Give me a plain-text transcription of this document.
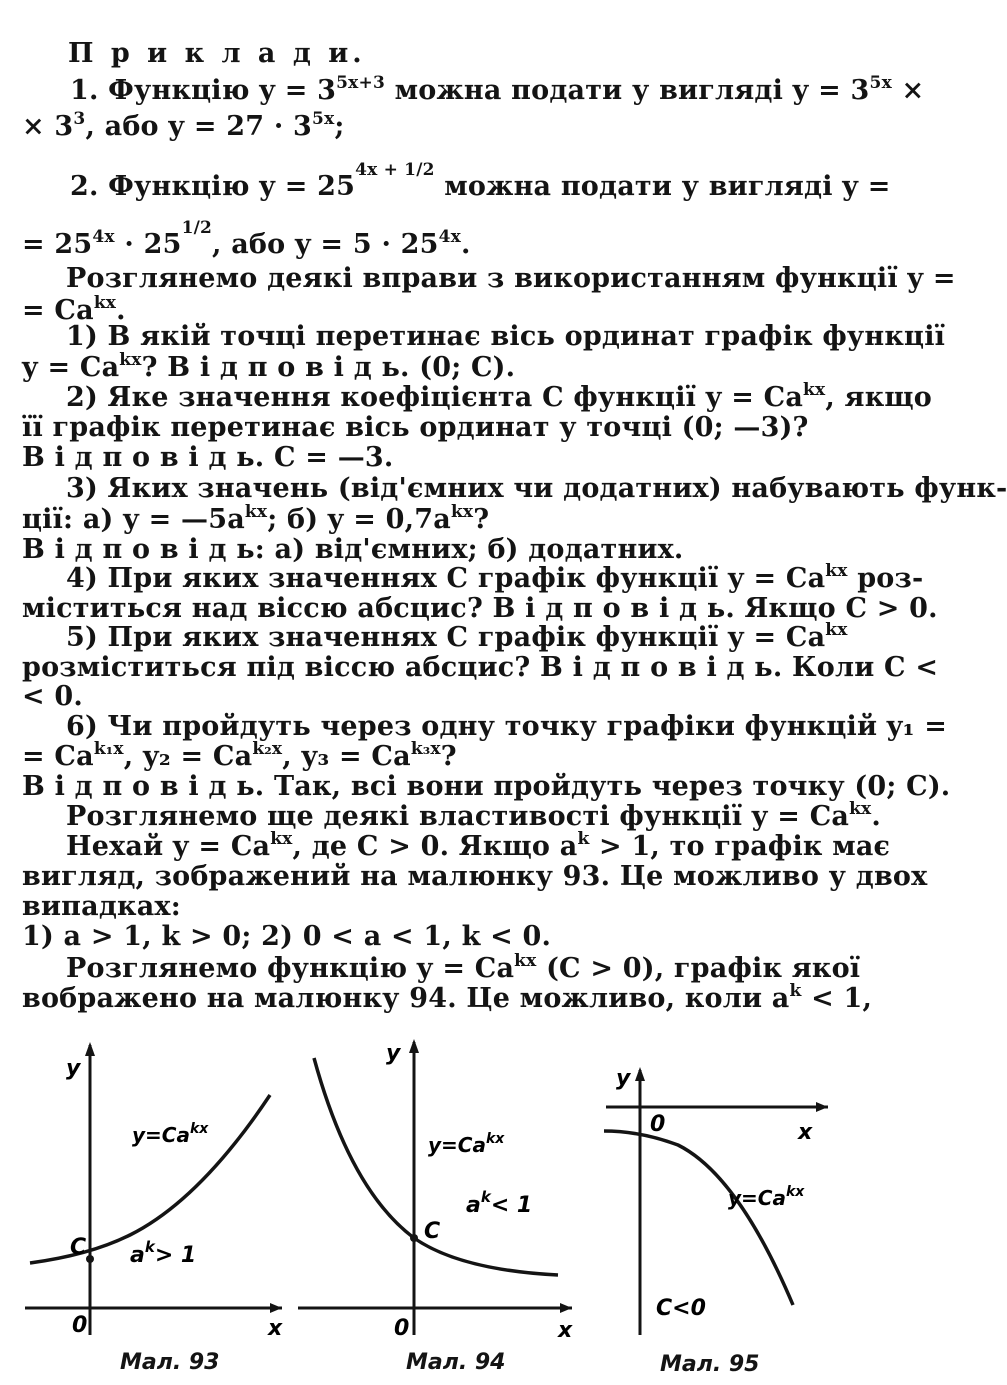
П р и к л а д и.
1. Функцію $y = 3^{5x+3}$ можна подати у вигляді $y = 3^{5x}$ ×
× $3^3$, або $y = 27 \cdot 3^{5x}$;
2. Функцію $y = 25^{4x + 1/2}$ можна подати у вигляді y =
= $25^{4x} \cdot 25^{1/2}$, або $y = 5 \cdot 25^{4x}$.
Розглянемо деякі вправи з використанням функції y =
= $Ca^{kx}$.
1) В якій точці перетинає вісь ординат графік функції
$y = Ca^{kx}$? В і д п о в і д ь. (0; C).
2) Яке значення коефіцієнта C функції $y = Ca^{kx}$, якщо
її графік перетинає вісь ординат у точці (0; —3)?
В і д п о в і д ь. C = —3.
3) Яких значень (від'ємних чи додатних) набувають функ-
ції: а) $y = —5a^{kx}$; б) $y = 0,7a^{kx}$?
В і д п о в і д ь: а) від'ємних; б) додатних.
4) При яких значеннях C графік функції $y = Ca^{kx}$ роз-
міститься над віссю абсцис? В і д п о в і д ь. Якщо C > 0.
5) При яких значеннях C графік функції $y = Ca^{kx}$
розміститься під віссю абсцис? В і д п о в і д ь. Коли C <
< 0.
6) Чи пройдуть через одну точку графіки функцій y₁ =
= $Ca^{k_1x}$, $y_2 = Ca^{k_2x}$, $y_3 = Ca^{k_3x}$?
В і д п о в і д ь. Так, всі вони пройдуть через точку (0; C).
Розглянемо ще деякі властивості функції $y = Ca^{kx}$.
Нехай $y = Ca^{kx}$, де C > 0. Якщо $a^k > 1$, то графік має
вигляд, зображений на малюнку 93. Це можливо у двох
випадках:
1) a > 1, k > 0; 2) 0 < a < 1, k < 0.
Розглянемо функцію $y = Ca^{kx}$ (C > 0), графік якої
вображено на малюнку 94. Це можливо, коли $a^k < 1$,
y
x
0
C
$y=Ca^{kx}$
$a^k> 1$
Мал. 93
y
x
0
C
$y=Ca^{kx}$
$a^k< 1$
Мал. 94
y
x
0
$y=Ca^{kx}$
C<0
Мал. 95
